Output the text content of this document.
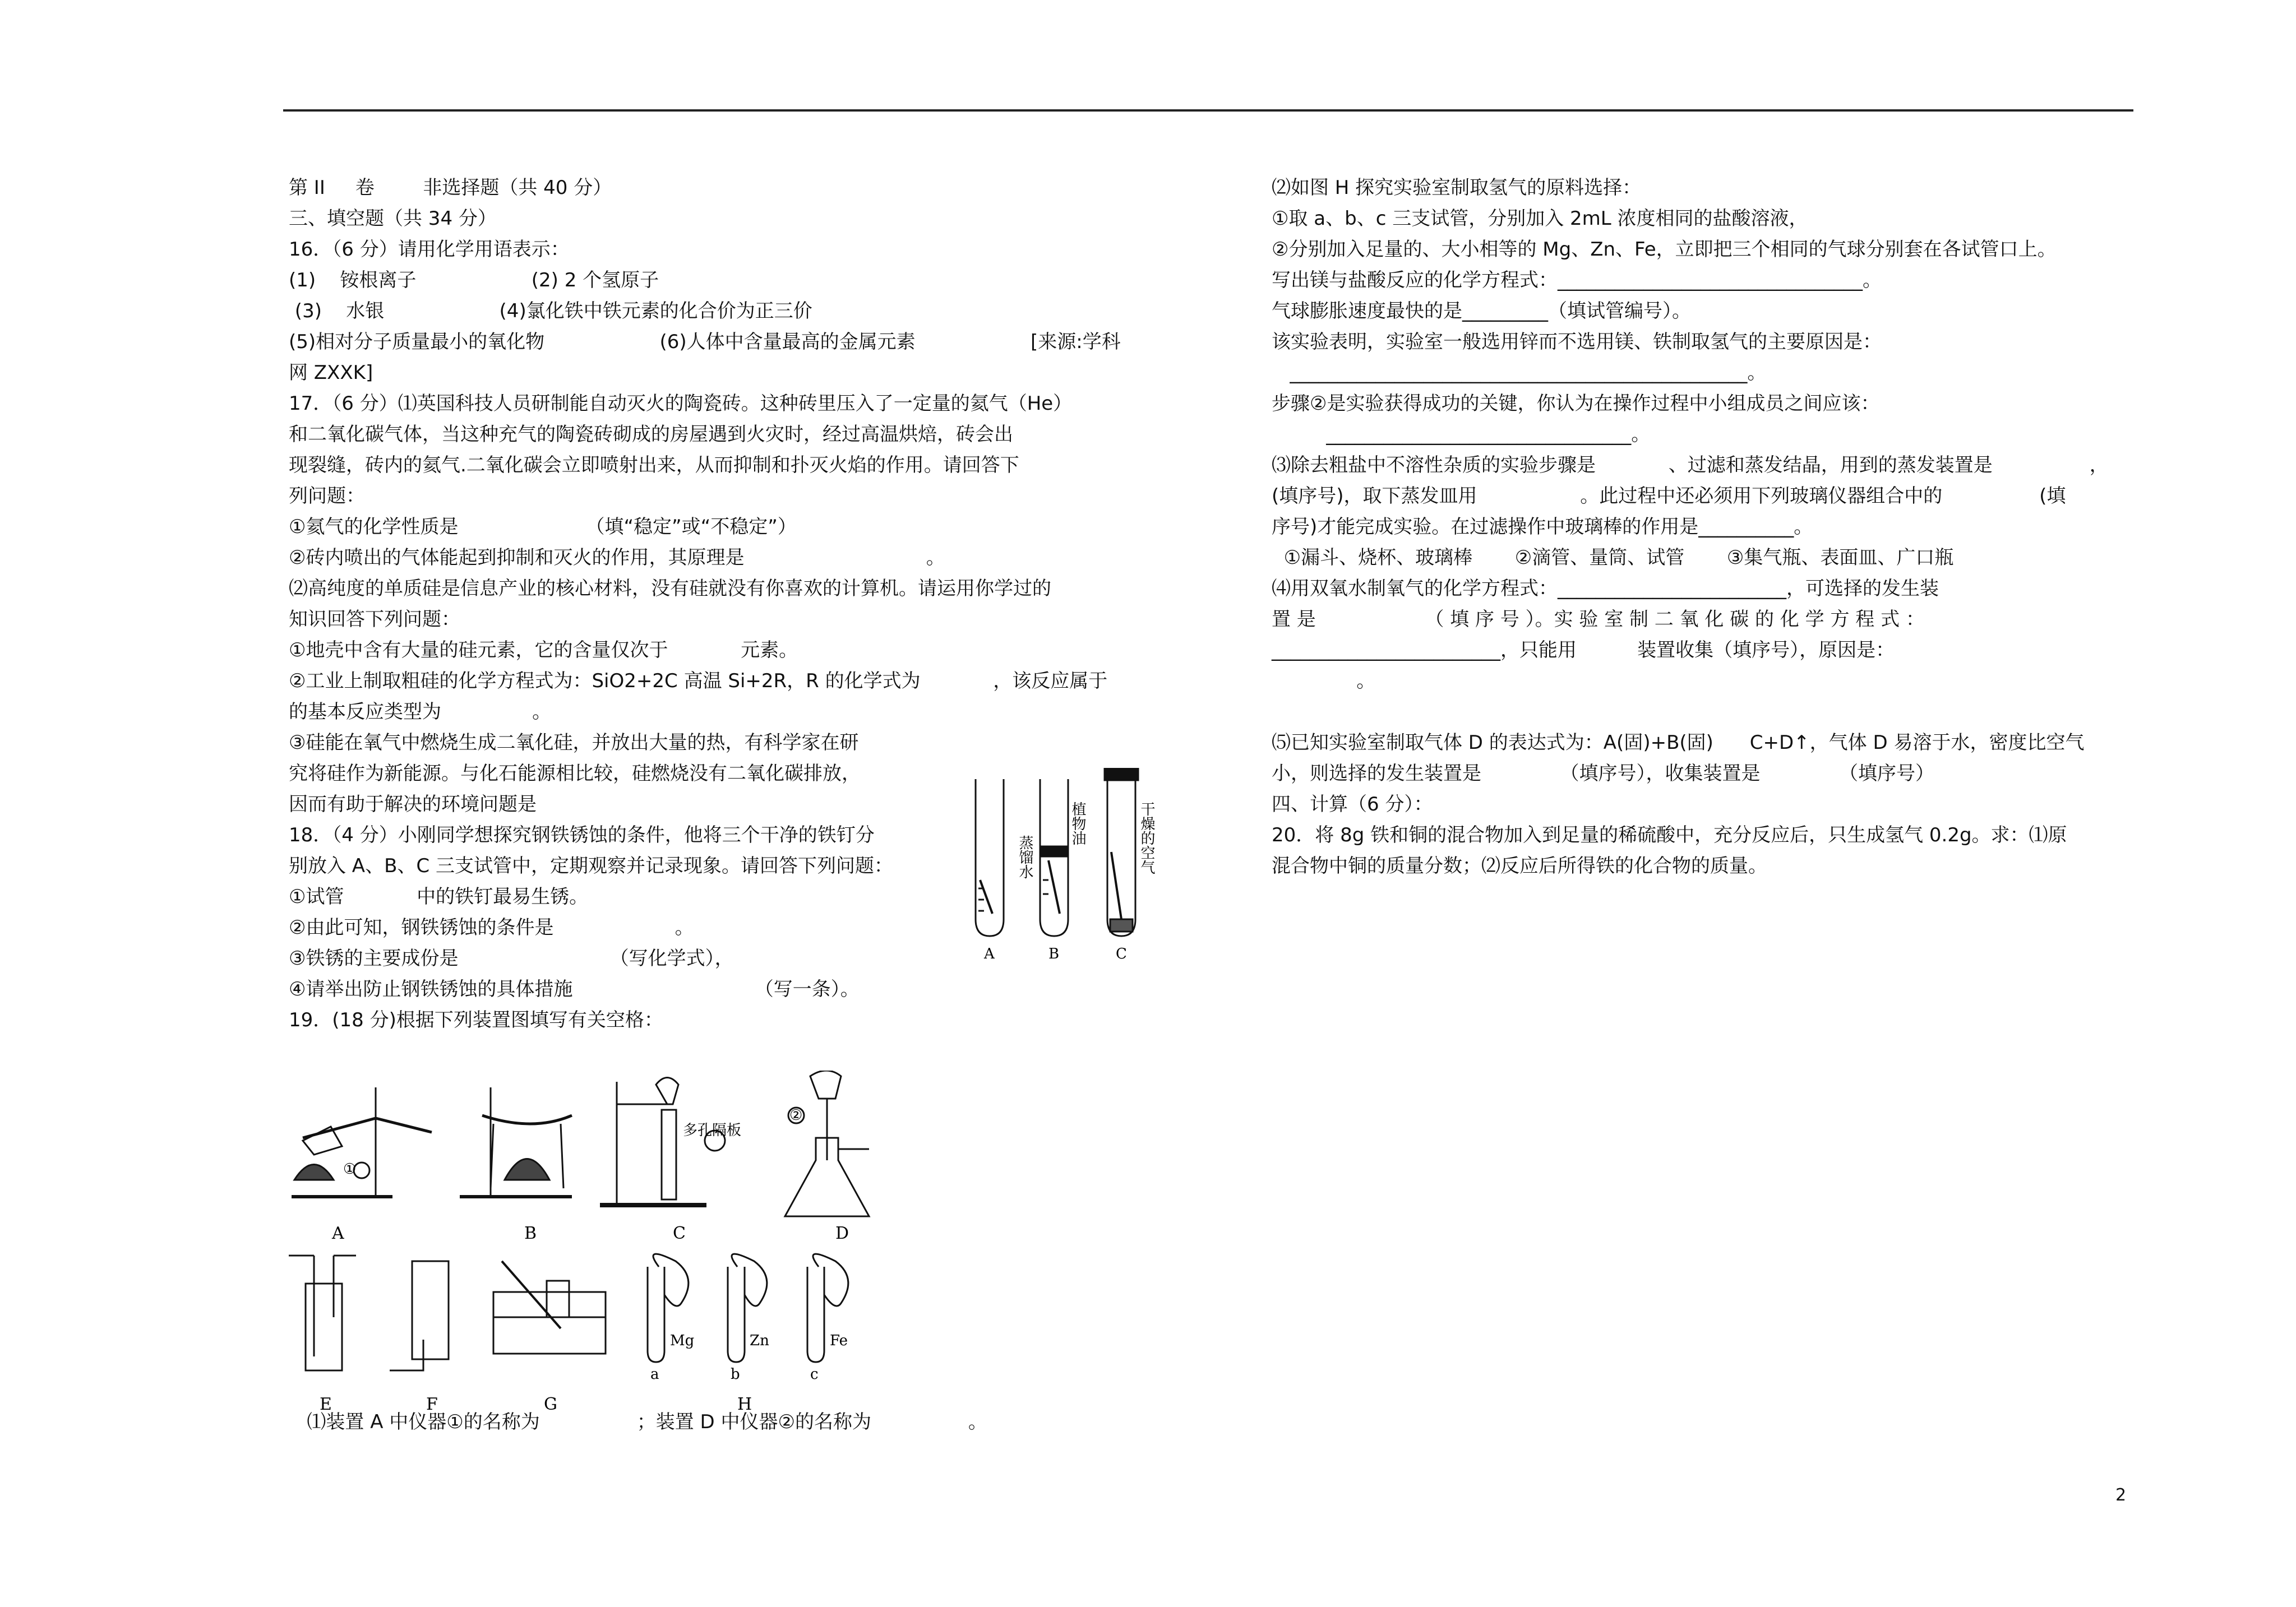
第 II     卷        非选择题（共 40 分）
三、填空题（共 34 分）
16．（6 分）请用化学用语表示：
(1)    铵根离子                   (2) 2 个氢原子
(3)    水银                   (4)氯化铁中铁元素的化合价为正三价
(5)相对分子质量最小的氧化物                   (6)人体中含量最高的金属元素                   [来源:学科
网 ZXXK]
17．（6 分）⑴英国科技人员研制能自动灭火的陶瓷砖。这种砖里压入了一定量的氦气（He）
和二氧化碳气体，当这种充气的陶瓷砖砌成的房屋遇到火灾时，经过高温烘焙，砖会出
现裂缝，砖内的氦气.二氧化碳会立即喷射出来，从而抑制和扑灭火焰的作用。请回答下
列问题：
①氦气的化学性质是                     （填“稳定”或“不稳定”）
②砖内喷出的气体能起到抑制和灭火的作用，其原理是                              。
⑵高纯度的单质硅是信息产业的核心材料，没有硅就没有你喜欢的计算机。请运用你学过的
知识回答下列问题：
①地壳中含有大量的硅元素，它的含量仅次于            元素。
②工业上制取粗硅的化学方程式为：SiO2+2C 高温 Si+2R，R 的化学式为            ，该反应属于
的基本反应类型为               。
③硅能在氧气中燃烧生成二氧化硅，并放出大量的热，有科学家在研
究将硅作为新能源。与化石能源相比较，硅燃烧没有二氧化碳排放，
因而有助于解决的环境问题是
18．（4 分）小刚同学想探究钢铁锈蚀的条件，他将三个干净的铁钉分
别放入 A、B、C 三支试管中，定期观察并记录现象。请回答下列问题：
①试管            中的铁钉最易生锈。
②由此可知，钢铁锈蚀的条件是                    。
③铁锈的主要成份是                         （写化学式），
④请举出防止钢铁锈蚀的具体措施                              （写一条）。
19．(18 分)根据下列装置图填写有关空格：
⑵如图 H 探究实验室制取氢气的原料选择：
①取 a、b、c 三支试管，分别加入 2mL 浓度相同的盐酸溶液，
②分别加入足量的、大小相等的 Mg、Zn、Fe，立即把三个相同的气球分别套在各试管口上。
写出镁与盐酸反应的化学方程式：________________________________。
气球膨胀速度最快的是_________（填试管编号）。
该实验表明，实验室一般选用锌而不选用镁、铁制取氢气的主要原因是：
________________________________________________。
步骤②是实验获得成功的关键，你认为在操作过程中小组成员之间应该：
________________________________。
⑶除去粗盐中不溶性杂质的实验步骤是            、过滤和蒸发结晶，用到的蒸发装置是                ，
(填序号)，取下蒸发皿用                 。此过程中还必须用下列玻璃仪器组合中的                (填
序号)才能完成实验。在过滤操作中玻璃棒的作用是__________。
①漏斗、烧杯、玻璃棒       ②滴管、量筒、试管       ③集气瓶、表面皿、广口瓶
⑷用双氧水制氧气的化学方程式：________________________，可选择的发生装
置 是                  （ 填 序 号 ）。实 验 室 制 二 氧 化 碳 的 化 学 方 程 式 ：
________________________，只能用          装置收集（填序号），原因是：
。
⑸已知实验室制取气体 D 的表达式为：A(固)+B(固)      C+D↑，气体 D 易溶于水，密度比空气
小，则选择的发生装置是             （填序号），收集装置是             （填序号）
四、计算（6 分）：
20．将 8g 铁和铜的混合物加入到足量的稀硫酸中，充分反应后，只生成氢气 0.2g。求：⑴原
混合物中铜的质量分数；⑵反应后所得铁的化合物的质量。
植物油
蒸馏水	干燥的空气
A	B	C
①
②
多孔隔板
A	B	C	D
Mg	Zn	Fe
a	b	c
E	F	G	H
⑴装置 A 中仪器①的名称为                ；装置 D 中仪器②的名称为                。
2
